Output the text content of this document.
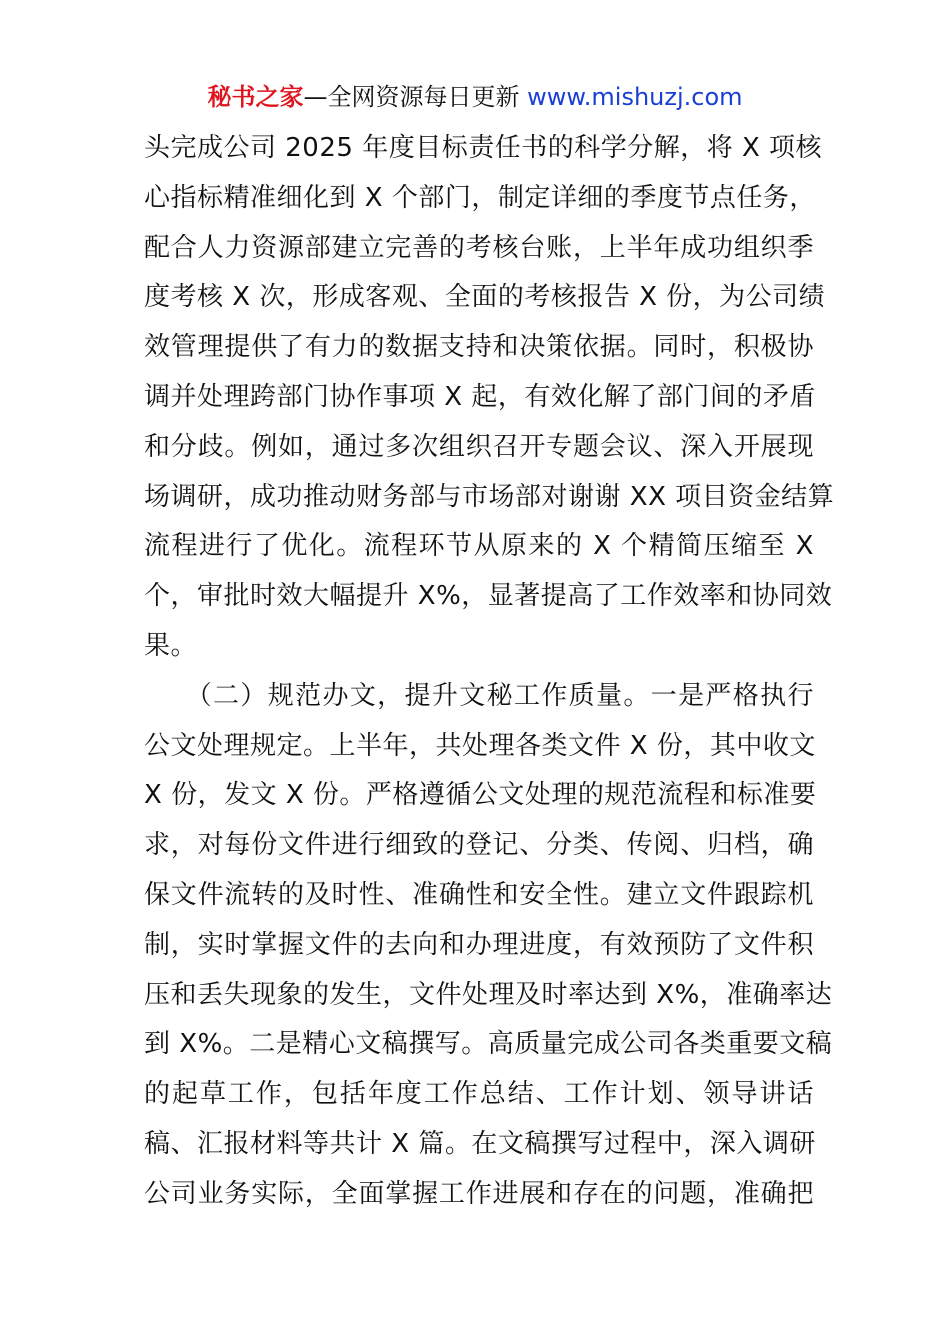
秘书之家—全网资源每日更新 www.mishuzj.com
头完成公司 2025 年度目标责任书的科学分解，将 X 项核
心指标精准细化到 X 个部门，制定详细的季度节点任务，
配合人力资源部建立完善的考核台账，上半年成功组织季
度考核 X 次，形成客观、全面的考核报告 X 份，为公司绩
效管理提供了有力的数据支持和决策依据。同时，积极协
调并处理跨部门协作事项 X 起，有效化解了部门间的矛盾
和分歧。例如，通过多次组织召开专题会议、深入开展现
场调研，成功推动财务部与市场部对谢谢 XX 项目资金结算
流程进行了优化。流程环节从原来的 X 个精简压缩至 X
个，审批时效大幅提升 X%，显著提高了工作效率和协同效
果。
　　（二）规范办文，提升文秘工作质量。一是严格执行
公文处理规定。上半年，共处理各类文件 X 份，其中收文
X 份，发文 X 份。严格遵循公文处理的规范流程和标准要
求，对每份文件进行细致的登记、分类、传阅、归档，确
保文件流转的及时性、准确性和安全性。建立文件跟踪机
制，实时掌握文件的去向和办理进度，有效预防了文件积
压和丢失现象的发生，文件处理及时率达到 X%，准确率达
到 X%。二是精心文稿撰写。高质量完成公司各类重要文稿
的起草工作，包括年度工作总结、工作计划、领导讲话
稿、汇报材料等共计 X 篇。在文稿撰写过程中，深入调研
公司业务实际，全面掌握工作进展和存在的问题，准确把
